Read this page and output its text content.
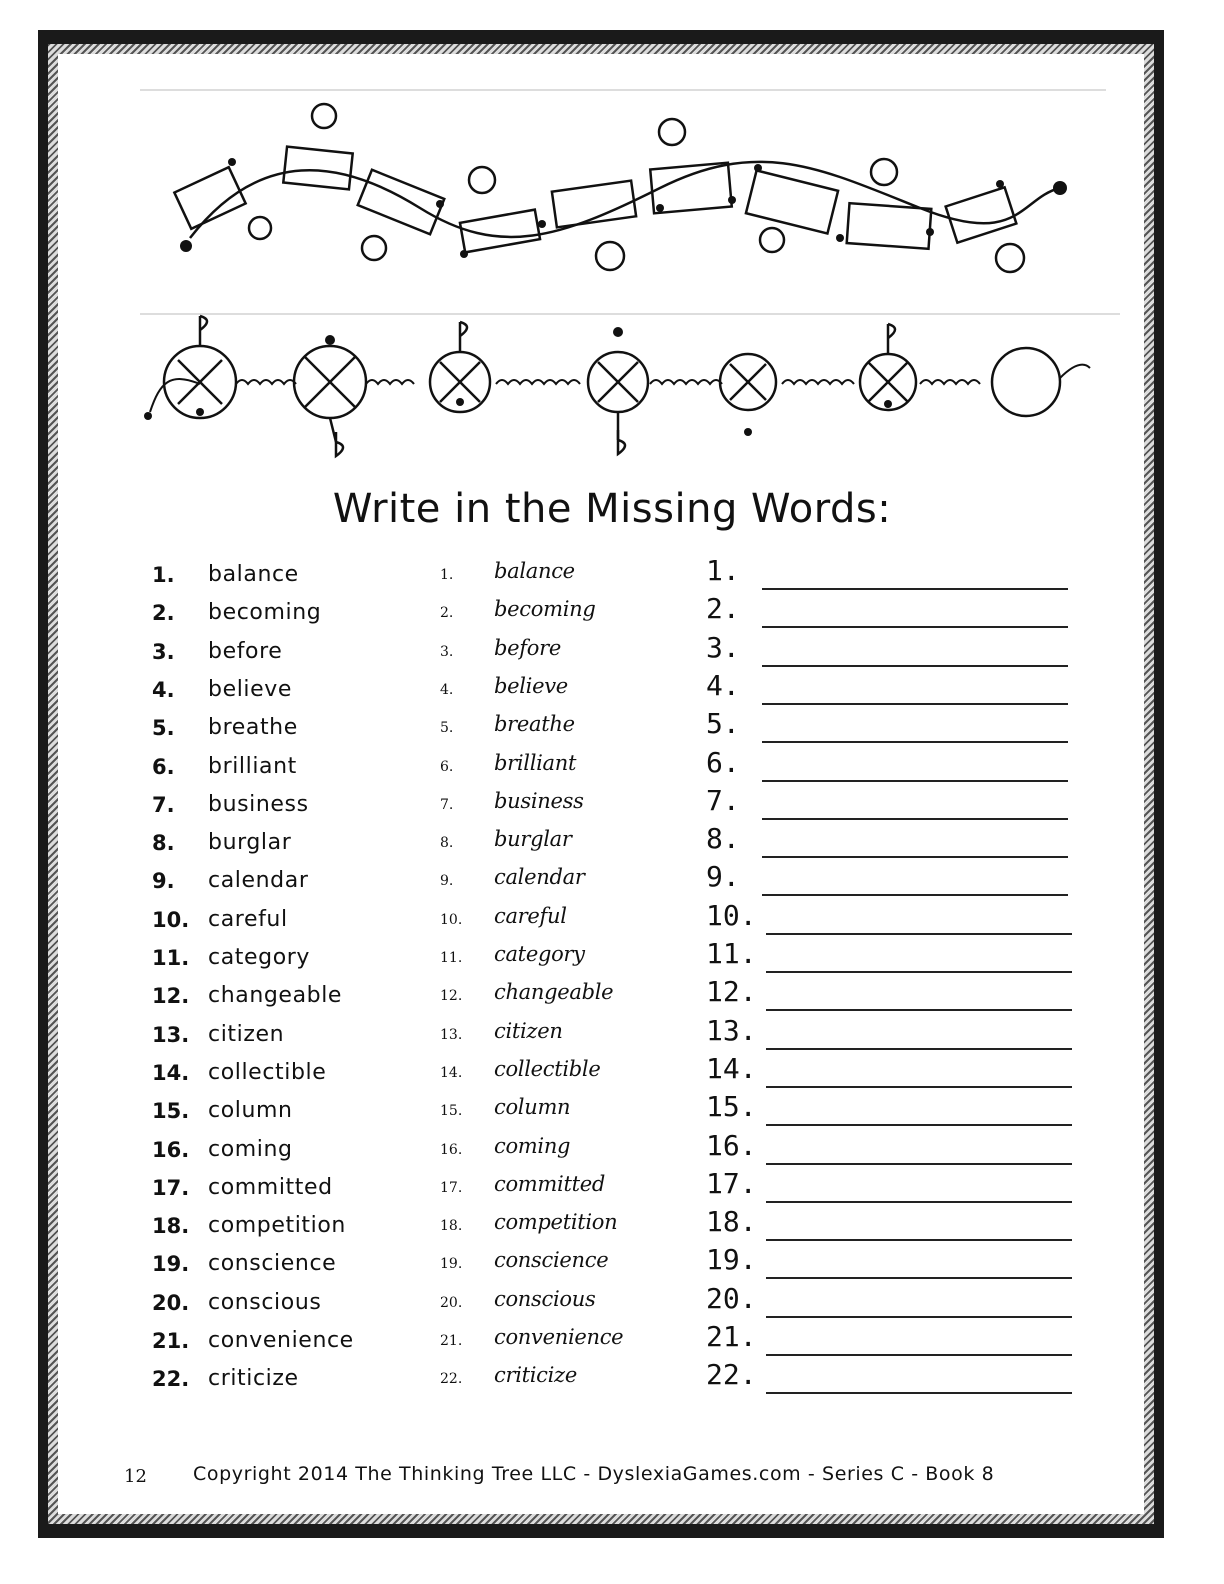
Write in the Missing Words:
1. balance	1. balance	1.
2. becoming	2. becoming	2.
3. before	3. before	3.
4. believe	4. believe	4.
5. breathe	5. breathe	5.
6. brilliant	6. brilliant	6.
7. business	7. business	7.
8. burglar	8. burglar	8.
9. calendar	9. calendar	9.
10. careful	10. careful	10.
11. category	11. category	11.
12. changeable	12. changeable	12.
13. citizen	13. citizen	13.
14. collectible	14. collectible	14.
15. column	15. column	15.
16. coming	16. coming	16.
17. committed	17. committed	17.
18. competition	18. competition	18.
19. conscience	19. conscience	19.
20. conscious	20. conscious	20.
21. convenience	21. convenience	21.
22. criticize	22. criticize	22.
12 Copyright 2014 The Thinking Tree LLC - DyslexiaGames.com - Series C - Book 8
